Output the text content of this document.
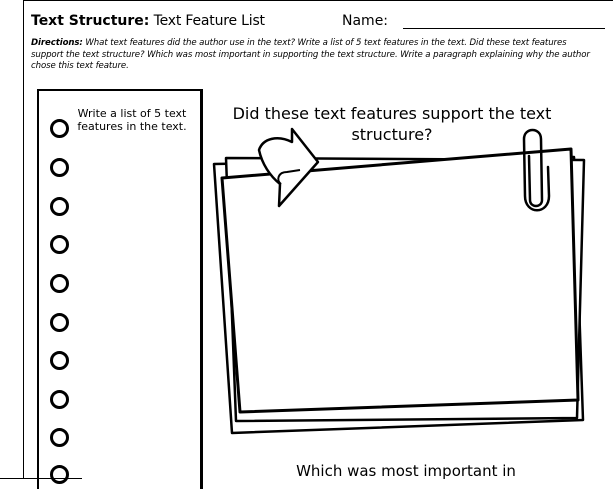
Text Structure: Text Feature List	Name:
Directions: What text features did the author use in the text? Write a list of 5 text features in the text. Did these text features support the text structure? Which was most important in supporting the text structure. Write a paragraph explaining why the author chose this text feature.
Write a list of 5 text features in the text.
Did these text features support the text structure?
Which was most important in
